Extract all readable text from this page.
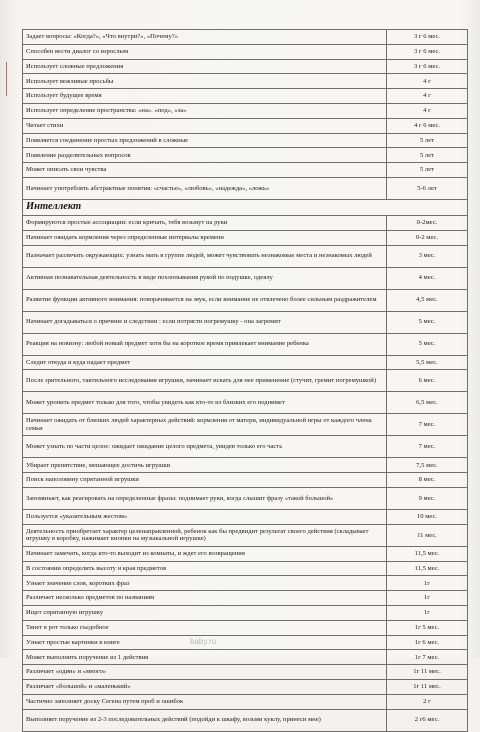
Задает вопросы: «Когда?», «Что внутри?», «Почему?»	3 г 6 мес.
Способен вести диалог со взрослым	3 г 6 мес.
Использует сложные предложения	3 г 6 мес.
Использует вежливые просьбы	4 г
Использует будущее время	4 г
Использует определение пространства: «на». «под», «за»	4 г
Читает стихи	4 г 6 мес.
Появляется соединение простых предложений в сложные	5 лет
Появление разделительных вопросов	5 лет
Может описать свои чувства	5 лет
Начинает употреблять абстрактные понятия: «счастье», «любовь», «надежда», «ложь»	5-6 лет
Интеллект	
Формируются простые ассоциации: если кричать, тебя возьмут на руки	0-2мес.
Начинает ожидать кормления через определенные интервалы времени	0-2 мес.
Назначает различать окружающих: узнать мать в группе людей, может чувствовать незнакомые места и незнакомых людей	3 мес.
Активная познавательная деятельность в виде похлопывания рукой по подушке, одеялу	4 мес.
Развитие функции активного внимания: поворачивается на звук, если внимание не отвлечено более сильным раздражителем	4,5 мес.
Начинает догадываться о причине и следствии : если потрясти погремушку - она загремит	5 мес.
Реакция на новизну: любой новый предмет хотя бы на короткое время привлекает внимание ребенка	5 мес.
Следит откуда и куда падает предмет	5,5 мес.
После зрительного, тактильного исследования игрушки, начинает искать для нее применение (стучит, гремит погремушкой)	6 мес.
Может уронить предмет только для того, чтобы увидеть как кто-то из близких его поднимет	6,5 мес.
Начинает ожидать от близких людей характерных действий: кормления от матери, индивидуальной игры от каждого члена семьи	7 мес.
Может узнать по части целое: ожидает ожидание целого предмета, увидев только его часть	7 мес.
Убирает препятствие, мешающее достичь игрушки	7,5 мес.
Поиск наполовину спрятанной игрушки	8 мес.
Запоминает, как реагировать на определенные фразы: поднимает руки, когда слышит фразу «такой большой»	9 мес.
Пользуется «указательным жестом»	10 мес.
Деятельность приобретает характер целенаправленной, ребенок как бы предвидит результат своего действия (складывает игрушку в коробку, нажимает кнопки на музыкальной игрушке)	11 мес.
Начинает замечать, когда кто-то выходит из комнаты, и ждет его возвращения	11,5 мес.
В состоянии определить высоту и края предметов	11,5 мес.
Узнает значение слов, коротких фраз	1г
Различает несколько предметов по названиям	1г
Ищет спрятанную игрушку	1г
Тянет в рот только съедобное	1г 5 мес.
Узнает простые картинки в книге	1г 6 мес.
Может выполнить поручение из 1 действия	1г 7 мес.
Различает «один» и «много»	1г 11 мес.
Различает «большой» и «маленький»	1г 11 мес.
Частично заполняет доску Сегена путем проб и ошибок	2 г
Выполняет поручение из 2-3 последовательных действий (подойди к шкафу, возьми куклу, принеси мне)	2 г6 мес.
baby.ru
